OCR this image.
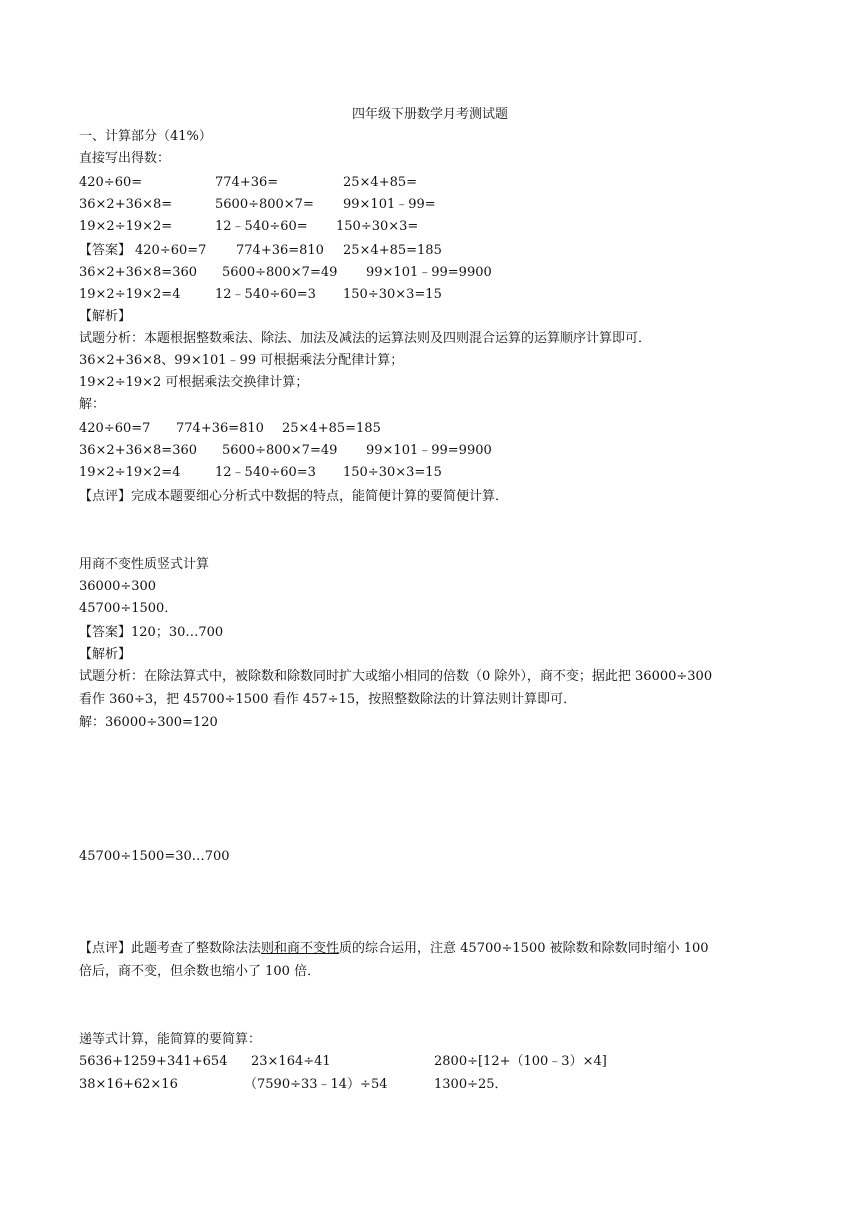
四年级下册数学月考测试题
一、计算部分（41%）
直接写出得数：
420÷60=	774+36=	25×4+85=
36×2+36×8=	5600÷800×7= 99×101﹣99=
19×2÷19×2=	12﹣540÷60= 150÷30×3=
【答案】 420÷60=7 774+36=810 25×4+85=185
36×2+36×8=360 5600÷800×7=49 99×101﹣99=9900
19×2÷19×2=4	12﹣540÷60=3 150÷30×3=15
【解析】
试题分析：本题根据整数乘法、除法、加法及减法的运算法则及四则混合运算的运算顺序计算即可．
36×2+36×8、99×101﹣99 可根据乘法分配律计算；
19×2÷19×2 可根据乘法交换律计算；
解：
420÷60=7 774+36=810 25×4+85=185
36×2+36×8=360 5600÷800×7=49 99×101﹣99=9900
19×2÷19×2=4	12﹣540÷60=3 150÷30×3=15
【点评】完成本题要细心分析式中数据的特点，能简便计算的要简便计算．
用商不变性质竖式计算
36000÷300
45700÷1500．
【答案】120；30…700
【解析】
试题分析：在除法算式中，被除数和除数同时扩大或缩小相同的倍数（0 除外），商不变；据此把 36000÷300
看作 360÷3，把 45700÷1500 看作 457÷15，按照整数除法的计算法则计算即可．
解：36000÷300=120
45700÷1500=30…700
【点评】此题考查了整数除法法则和商不变性质的综合运用，注意 45700÷1500 被除数和除数同时缩小 100
倍后，商不变，但余数也缩小了 100 倍．
递等式计算，能简算的要简算：
5636+1259+341+654 23×164÷41	2800÷[12+（100﹣3）×4]
38×16+62×16	（7590÷33﹣14）÷54	1300÷25．
